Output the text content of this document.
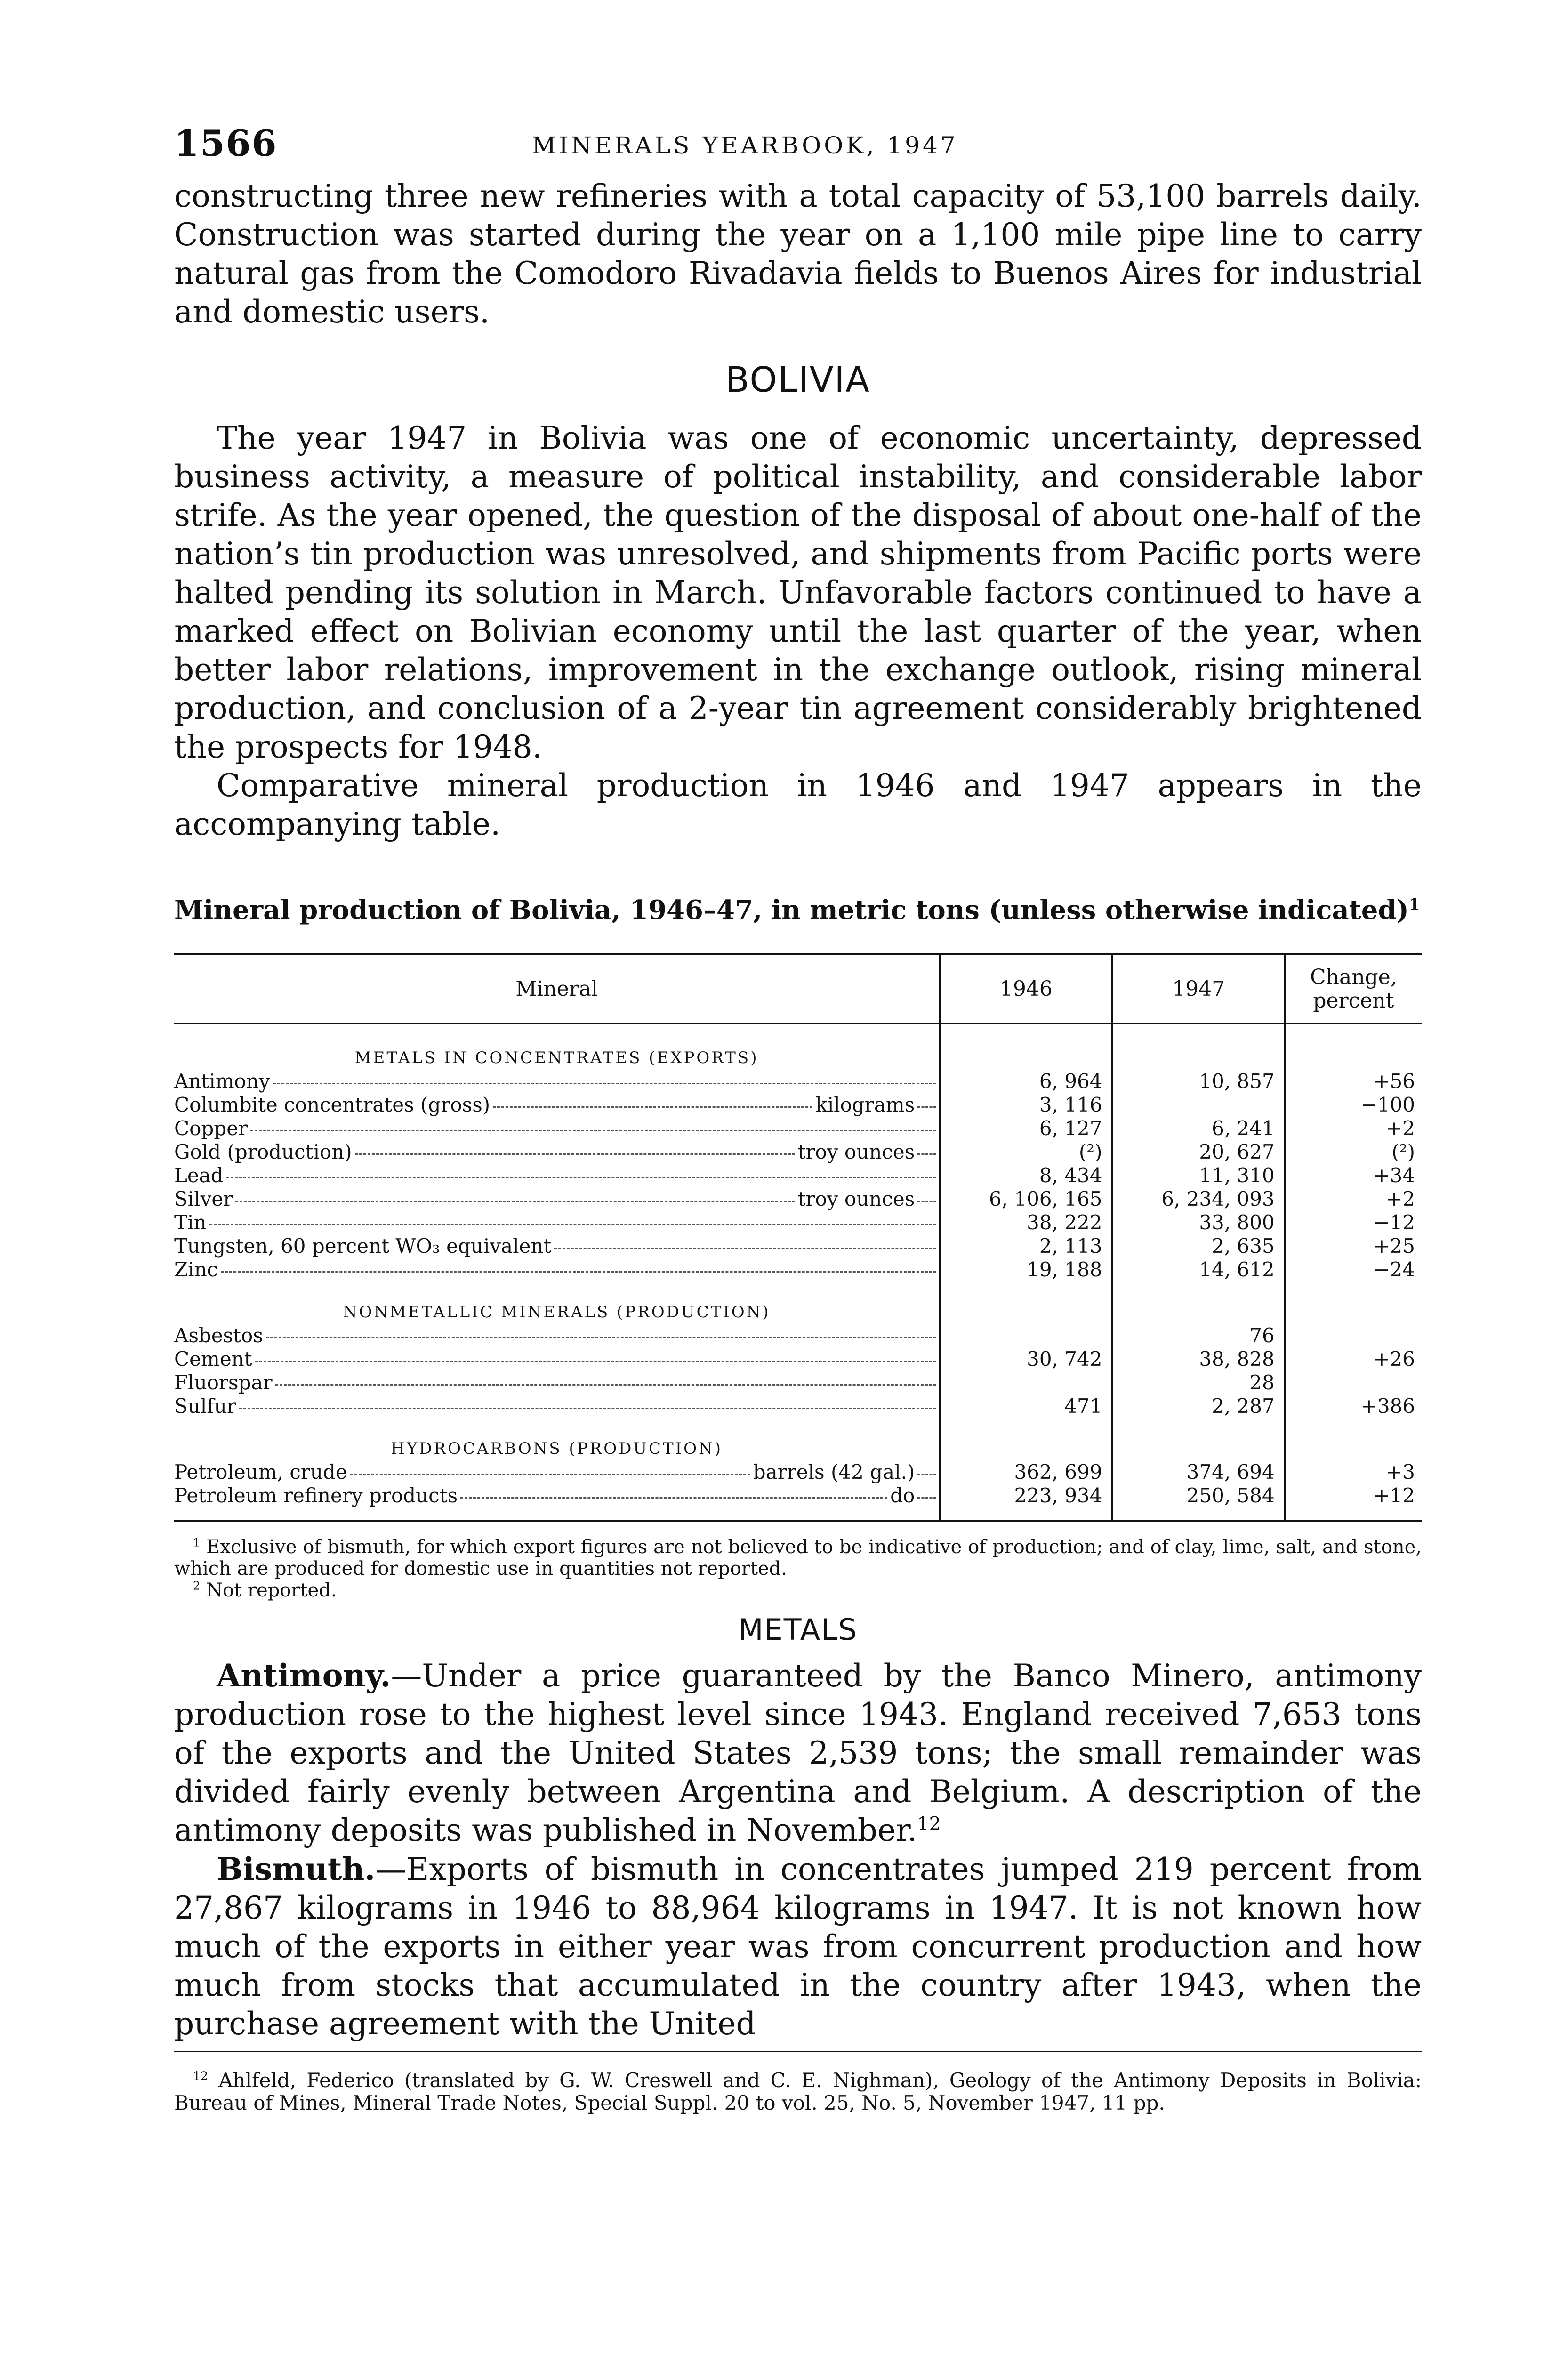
1566	MINERALS YEARBOOK, 1947

constructing three new refineries with a total capacity of 53,100 barrels daily. Construction was started during the year on a 1,100 mile pipe line to carry natural gas from the Comodoro Rivadavia fields to Buenos Aires for industrial and domestic users.

BOLIVIA

The year 1947 in Bolivia was one of economic uncertainty, depressed business activity, a measure of political instability, and considerable labor strife. As the year opened, the question of the disposal of about one-half of the nation’s tin production was unresolved, and shipments from Pacific ports were halted pending its solution in March. Unfavorable factors continued to have a marked effect on Bolivian economy until the last quarter of the year, when better labor relations, improvement in the exchange outlook, rising mineral production, and conclusion of a 2-year tin agreement considerably brightened the prospects for 1948.

Comparative mineral production in 1946 and 1947 appears in the accompanying table.

Mineral production of Bolivia, 1946–47, in metric tons (unless otherwise indicated)$^1$
Mineral	1946	1947	Change,
percent
METALS IN CONCENTRATES (EXPORTS)			

Antimony	6, 964	10, 857	+56

Columbite concentrates (gross) kilograms	3, 116		−100

Copper	6, 127	6, 241	+2

Gold (production) troy ounces	(²)	20, 627	(²)

Lead	8, 434	11, 310	+34

Silver troy ounces	6, 106, 165	6, 234, 093	+2

Tin	38, 222	33, 800	−12

Tungsten, 60 percent WO₃ equivalent	2, 113	2, 635	+25

Zinc	19, 188	14, 612	−24
NONMETALLIC MINERALS (PRODUCTION)			

Asbestos		76	

Cement	30, 742	38, 828	+26

Fluorspar		28	

Sulfur	471	2, 287	+386
HYDROCARBONS (PRODUCTION)			

Petroleum, crude barrels (42 gal.)	362, 699	374, 694	+3

Petroleum refinery products do	223, 934	250, 584	+12

$^1$ Exclusive of bismuth, for which export figures are not believed to be indicative of production; and of clay, lime, salt, and stone, which are produced for domestic use in quantities not reported.

$^2$ Not reported.

METALS

Antimony.—Under a price guaranteed by the Banco Minero, antimony production rose to the highest level since 1943. England received 7,653 tons of the exports and the United States 2,539 tons; the small remainder was divided fairly evenly between Argentina and Belgium. A description of the antimony deposits was published in November.$^{12}$

Bismuth.—Exports of bismuth in concentrates jumped 219 percent from 27,867 kilograms in 1946 to 88,964 kilograms in 1947. It is not known how much of the exports in either year was from concurrent production and how much from stocks that accumulated in the country after 1943, when the purchase agreement with the United

$^{12}$ Ahlfeld, Federico (translated by G. W. Creswell and C. E. Nighman), Geology of the Antimony Deposits in Bolivia: Bureau of Mines, Mineral Trade Notes, Special Suppl. 20 to vol. 25, No. 5, November 1947, 11 pp.
